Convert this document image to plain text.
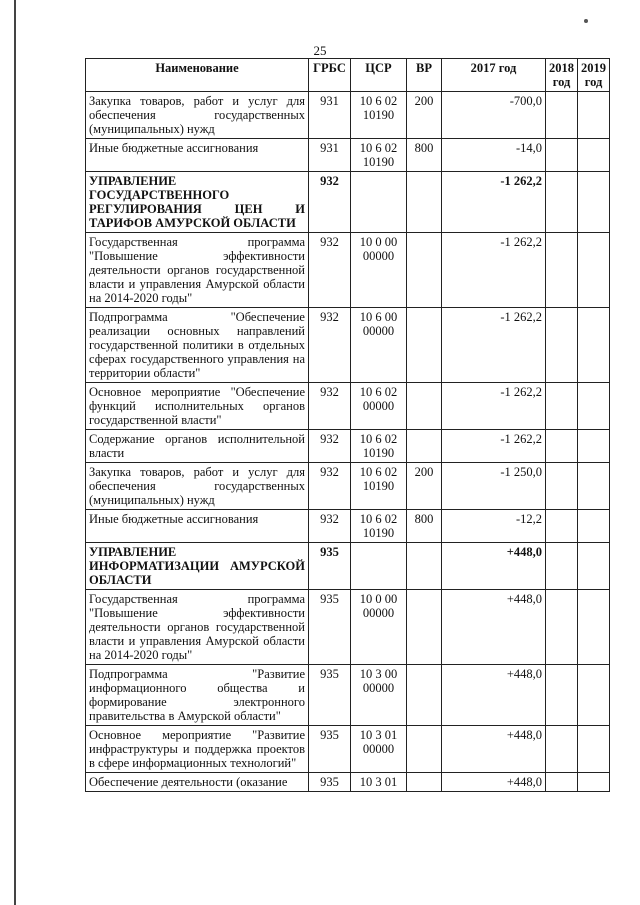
25
Наименование	ГРБС	ЦСР	ВР	2017 год	2018 год	2019 год
Закупка товаров, работ и услуг для обеспечения государственных (муниципальных) нужд	931	10 6 02 10190	200	-700,0		
Иные бюджетные ассигнования	931	10 6 02 10190	800	-14,0		
УПРАВЛЕНИЕ ГОСУДАРСТВЕННОГО РЕГУЛИРОВАНИЯ ЦЕН И ТАРИФОВ АМУРСКОЙ ОБЛАСТИ	932			-1 262,2		
Государственная программа "Повышение эффективности деятельности органов государственной власти и управления Амурской области на 2014-2020 годы"	932	10 0 00 00000		-1 262,2		
Подпрограмма "Обеспечение реализации основных направлений государственной политики в отдельных сферах государственного управления на территории области"	932	10 6 00 00000		-1 262,2		
Основное мероприятие "Обеспечение функций исполнительных органов государственной власти"	932	10 6 02 00000		-1 262,2		
Содержание органов исполнительной власти	932	10 6 02 10190		-1 262,2		
Закупка товаров, работ и услуг для обеспечения государственных (муниципальных) нужд	932	10 6 02 10190	200	-1 250,0		
Иные бюджетные ассигнования	932	10 6 02 10190	800	-12,2		
УПРАВЛЕНИЕ ИНФОРМАТИЗАЦИИ АМУРСКОЙ ОБЛАСТИ	935			+448,0		
Государственная программа "Повышение эффективности деятельности органов государственной власти и управления Амурской области на 2014-2020 годы"	935	10 0 00 00000		+448,0		
Подпрограмма "Развитие информационного общества и формирование электронного правительства в Амурской области"	935	10 3 00 00000		+448,0		
Основное мероприятие "Развитие инфраструктуры и поддержка проектов в сфере информационных технологий"	935	10 3 01 00000		+448,0		
Обеспечение деятельности (оказание	935	10 3 01		+448,0		
